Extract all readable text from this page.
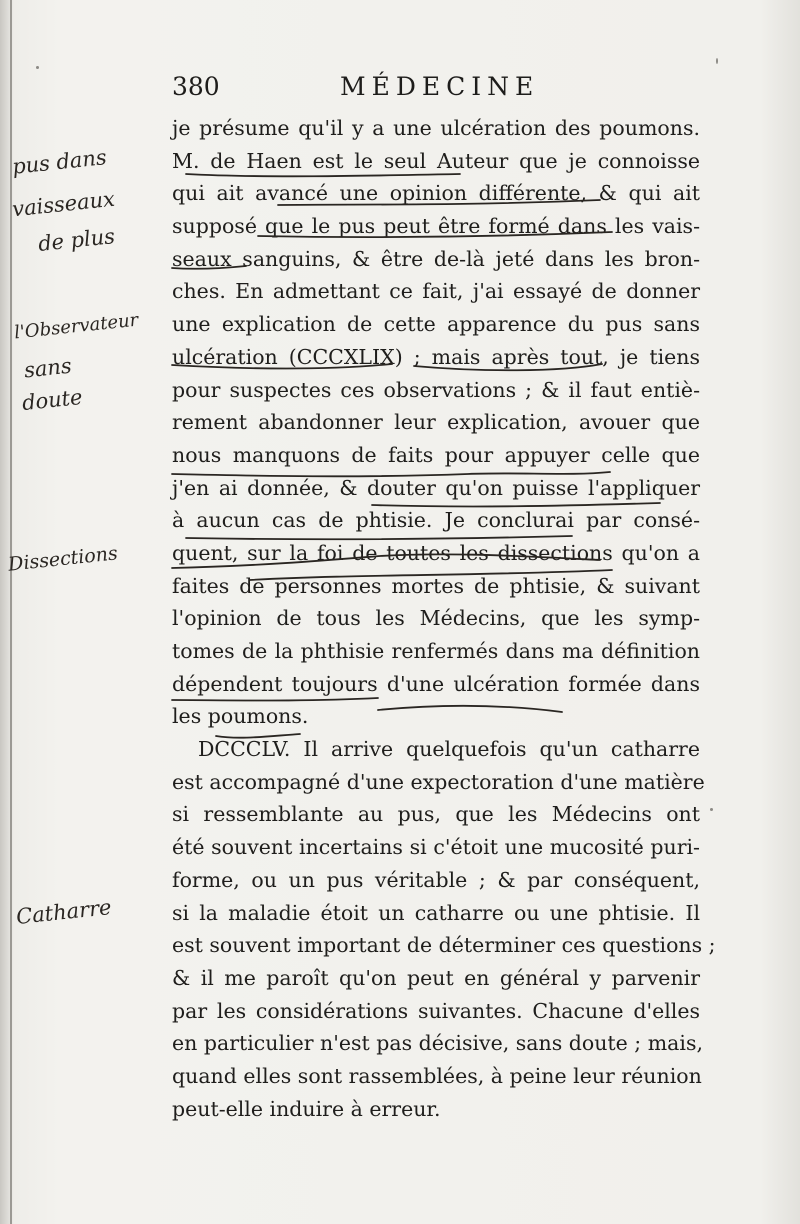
380	MÉDECINE
pus dans
vaisseaux
de plus
l'Observateur
sans
doute
Dissections
Catharre
je présume qu'il y a une ulcération des poumons.
M. de Haen est le seul Auteur que je connoisse
qui ait avancé une opinion différente, & qui ait
supposé que le pus peut être formé dans les vais-
seaux sanguins, & être de-là jeté dans les bron-
ches. En admettant ce fait, j'ai essayé de donner
une explication de cette apparence du pus sans
ulcération (CCCXLIX) ; mais après tout, je tiens
pour suspectes ces observations ; & il faut entiè-
rement abandonner leur explication, avouer que
nous manquons de faits pour appuyer celle que
j'en ai donnée, & douter qu'on puisse l'appliquer
à aucun cas de phtisie. Je conclurai par consé-
quent, sur la foi de toutes les dissections qu'on a
faites de personnes mortes de phtisie, & suivant
l'opinion de tous les Médecins, que les symp-
tomes de la phthisie renfermés dans ma définition
dépendent toujours d'une ulcération formée dans
les poumons.
DCCCLV. Il arrive quelquefois qu'un catharre
est accompagné d'une expectoration d'une matière
si ressemblante au pus, que les Médecins ont
été souvent incertains si c'étoit une mucosité puri-
forme, ou un pus véritable ; & par conséquent,
si la maladie étoit un catharre ou une phtisie. Il
est souvent important de déterminer ces questions ;
& il me paroît qu'on peut en général y parvenir
par les considérations suivantes. Chacune d'elles
en particulier n'est pas décisive, sans doute ; mais,
quand elles sont rassemblées, à peine leur réunion
peut-elle induire à erreur.
